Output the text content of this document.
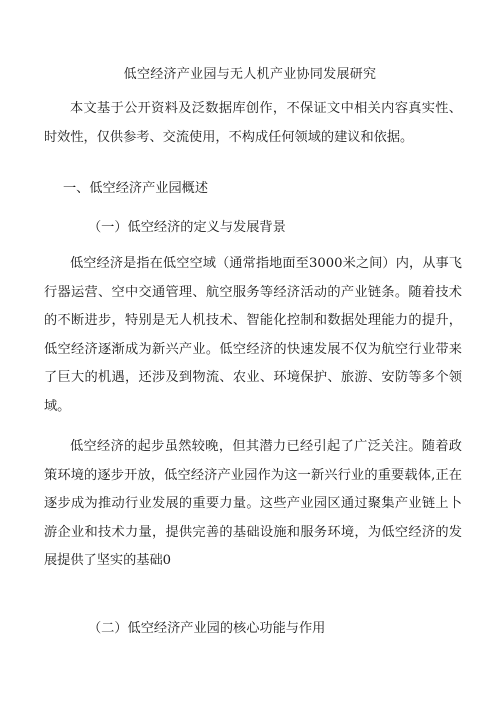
低空经济产业园与无人机产业协同发展研究

本文基于公开资料及泛数据库创作，不保证文中相关内容真实性、时效性，仅供参考、交流使用，不构成任何领域的建议和依据。

一、低空经济产业园概述

（一）低空经济的定义与发展背景

低空经济是指在低空空域（通常指地面至3000米之间）内，从事飞行器运营、空中交通管理、航空服务等经济活动的产业链条。随着技术的不断进步，特别是无人机技术、智能化控制和数据处理能力的提升，低空经济逐渐成为新兴产业。低空经济的快速发展不仅为航空行业带来了巨大的机遇，还涉及到物流、农业、环境保护、旅游、安防等多个领域。

低空经济的起步虽然较晚，但其潜力已经引起了广泛关注。随着政策环境的逐步开放，低空经济产业园作为这一新兴行业的重要载体,正在逐步成为推动行业发展的重要力量。这些产业园区通过聚集产业链上卜游企业和技术力量，提供完善的基础设施和服务环境，为低空经济的发展提供了坚实的基础0

（二）低空经济产业园的核心功能与作用
